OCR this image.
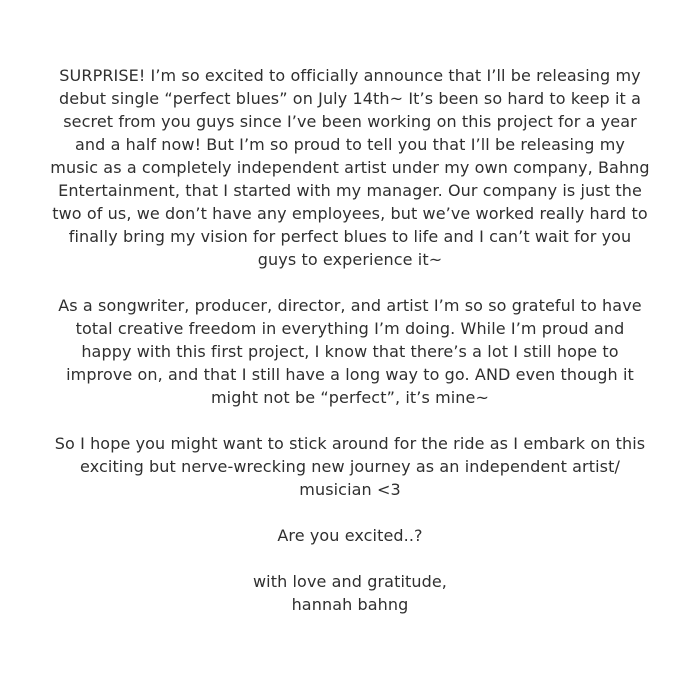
SURPRISE! I’m so excited to officially announce that I’ll be releasing my
debut single “perfect blues” on July 14th~ It’s been so hard to keep it a
secret from you guys since I’ve been working on this project for a year
and a half now! But I’m so proud to tell you that I’ll be releasing my
music as a completely independent artist under my own company, Bahng
Entertainment, that I started with my manager. Our company is just the
two of us, we don’t have any employees, but we’ve worked really hard to
finally bring my vision for perfect blues to life and I can’t wait for you
guys to experience it~

As a songwriter, producer, director, and artist I’m so so grateful to have
total creative freedom in everything I’m doing. While I’m proud and
happy with this first project, I know that there’s a lot I still hope to
improve on, and that I still have a long way to go. AND even though it
might not be “perfect”, it’s mine~

So I hope you might want to stick around for the ride as I embark on this
exciting but nerve-wrecking new journey as an independent artist/
musician <3

Are you excited..?

with love and gratitude,
hannah bahng
